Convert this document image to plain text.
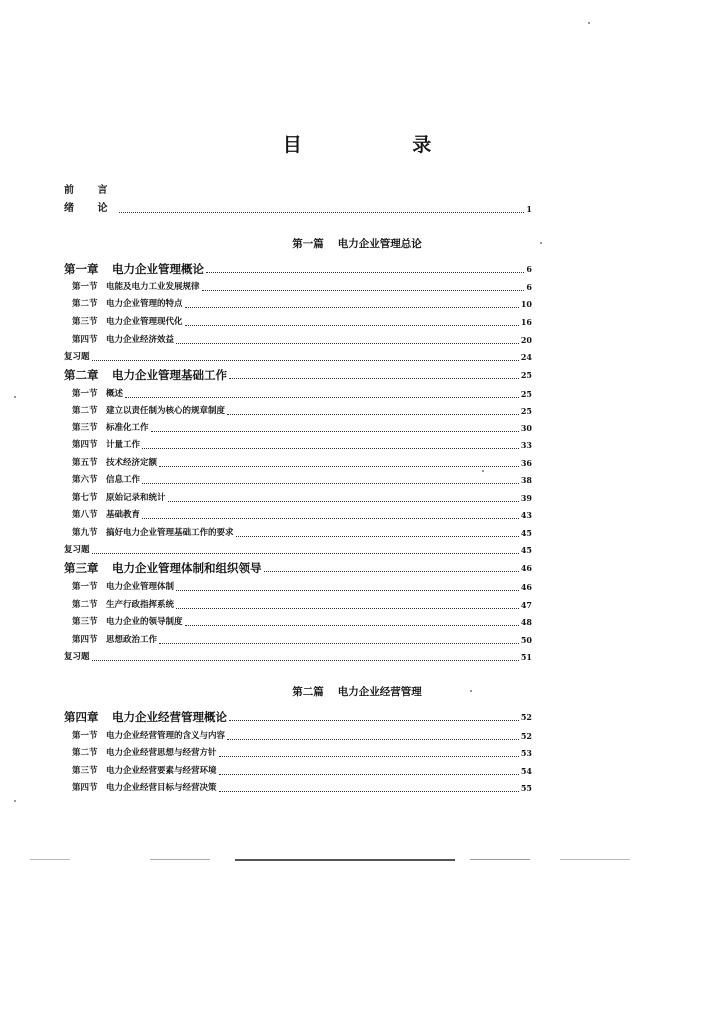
目 录
前 言
绪 论	1
第一篇 电力企业管理总论
第一章	电力企业管理概论	6
第一节 电能及电力工业发展规律	6
第二节 电力企业管理的特点	10
第三节 电力企业管理现代化	16
第四节 电力企业经济效益	20
复习题	24
第二章	电力企业管理基础工作	25
第一节 概述	25
第二节 建立以责任制为核心的规章制度	25
第三节 标准化工作	30
第四节 计量工作	33
第五节 技术经济定额	36
第六节 信息工作	38
第七节 原始记录和统计	39
第八节 基础教育	43
第九节 搞好电力企业管理基础工作的要求	45
复习题	45
第三章	电力企业管理体制和组织领导	46
第一节 电力企业管理体制	46
第二节 生产行政指挥系统	47
第三节 电力企业的领导制度	48
第四节 思想政治工作	50
复习题	51
第二篇 电力企业经营管理
第四章	电力企业经营管理概论	52
第一节 电力企业经营管理的含义与内容	52
第二节 电力企业经营思想与经营方针	53
第三节 电力企业经营要素与经营环境	54
第四节 电力企业经营目标与经营决策	55
